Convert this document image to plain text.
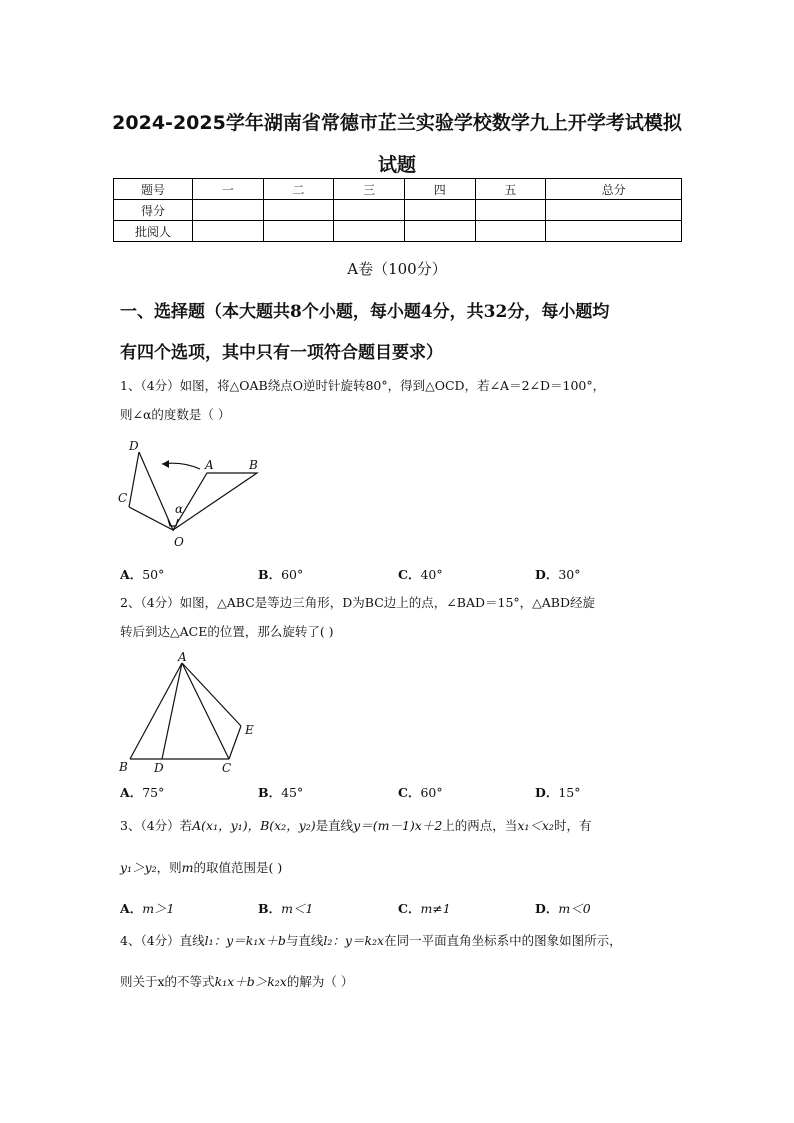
2024-2025学年湖南省常德市芷兰实验学校数学九上开学考试模拟
试题
题号	一	二	三	四	五	总分
得分						
批阅人						
A卷（100分）
一、选择题（本大题共8个小题，每小题4分，共32分，每小题均
有四个选项，其中只有一项符合题目要求）
1、（4分）如图，将△OAB绕点O逆时针旋转80°，得到△OCD，若∠A＝2∠D＝100°，
则∠α的度数是（ ）
D
A	B
C
α
O
A．50°	B．60°	C．40°	D．30°
2、（4分）如图，△ABC是等边三角形，D为BC边上的点，∠BAD＝15°，△ABD经旋
转后到达△ACE的位置，那么旋转了( )
A
E
B D	C
A．75°	B．45°	C．60°	D．15°
3、（4分）若A(x₁，y₁)，B(x₂，y₂)是直线y＝(m－1)x＋2上的两点，当x₁＜x₂时，有
y₁＞y₂，则m的取值范围是( )
A．m＞1	B．m＜1	C．m≠1	D．m＜0
4、（4分）直线l₁：y＝k₁x＋b与直线l₂：y＝k₂x在同一平面直角坐标系中的图象如图所示，
则关于x的不等式k₁x＋b＞k₂x的解为（ ）
